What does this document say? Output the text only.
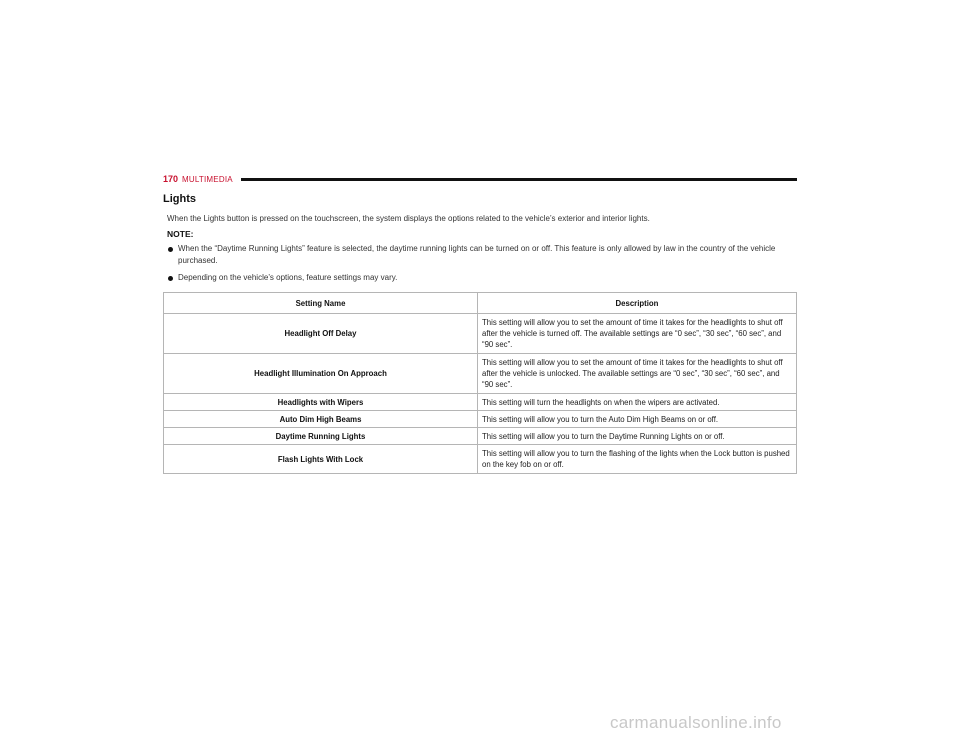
170 MULTIMEDIA
Lights
When the Lights button is pressed on the touchscreen, the system displays the options related to the vehicle’s exterior and interior lights.
NOTE:
When the “Daytime Running Lights” feature is selected, the daytime running lights can be turned on or off. This feature is only allowed by law in the country of the vehicle purchased.
Depending on the vehicle’s options, feature settings may vary.
Setting Name	Description
Headlight Off Delay	This setting will allow you to set the amount of time it takes for the headlights to shut off after the vehicle is turned off. The available settings are “0 sec”, “30 sec”, “60 sec”, and “90 sec”.
Headlight Illumination On Approach	This setting will allow you to set the amount of time it takes for the headlights to shut off after the vehicle is unlocked. The available settings are “0 sec”, “30 sec”, “60 sec”, and “90 sec”.
Headlights with Wipers	This setting will turn the headlights on when the wipers are activated.
Auto Dim High Beams	This setting will allow you to turn the Auto Dim High Beams on or off.
Daytime Running Lights	This setting will allow you to turn the Daytime Running Lights on or off.
Flash Lights With Lock	This setting will allow you to turn the flashing of the lights when the Lock button is pushed on the key fob on or off.
carmanualsonline.info
